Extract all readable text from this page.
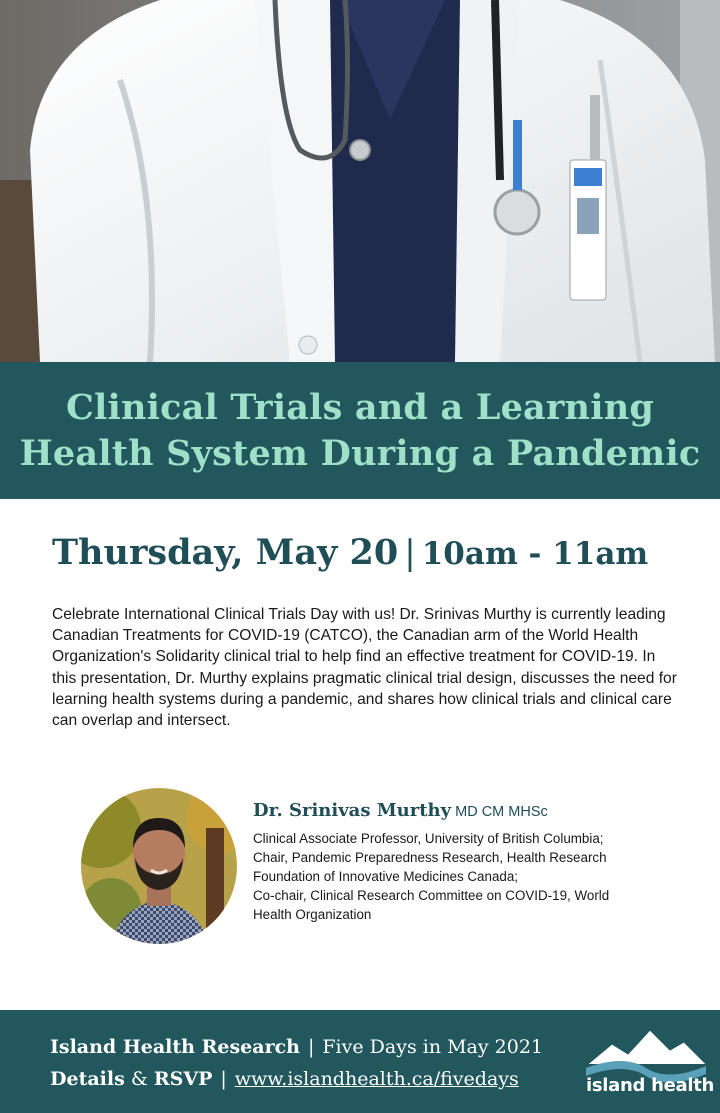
Clinical Trials and a Learning
Health System During a Pandemic
Thursday, May 20 | 10am - 11am

Celebrate International Clinical Trials Day with us! Dr. Srinivas Murthy is currently leading Canadian Treatments for COVID-19 (CATCO), the Canadian arm of the World Health Organization's Solidarity clinical trial to help find an effective treatment for COVID-19. In this presentation, Dr. Murthy explains pragmatic clinical trial design, discusses the need for learning health systems during a pandemic, and shares how clinical trials and clinical care can overlap and intersect.

Dr. Srinivas Murthy MD CM MHSc
Clinical Associate Professor, University of British Columbia;
Chair, Pandemic Preparedness Research, Health Research
Foundation of Innovative Medicines Canada;
Co-chair, Clinical Research Committee on COVID-19, World
Health Organization
Island Health Research | Five Days in May 2021
Details & RSVP | www.islandhealth.ca/fivedays	island health
